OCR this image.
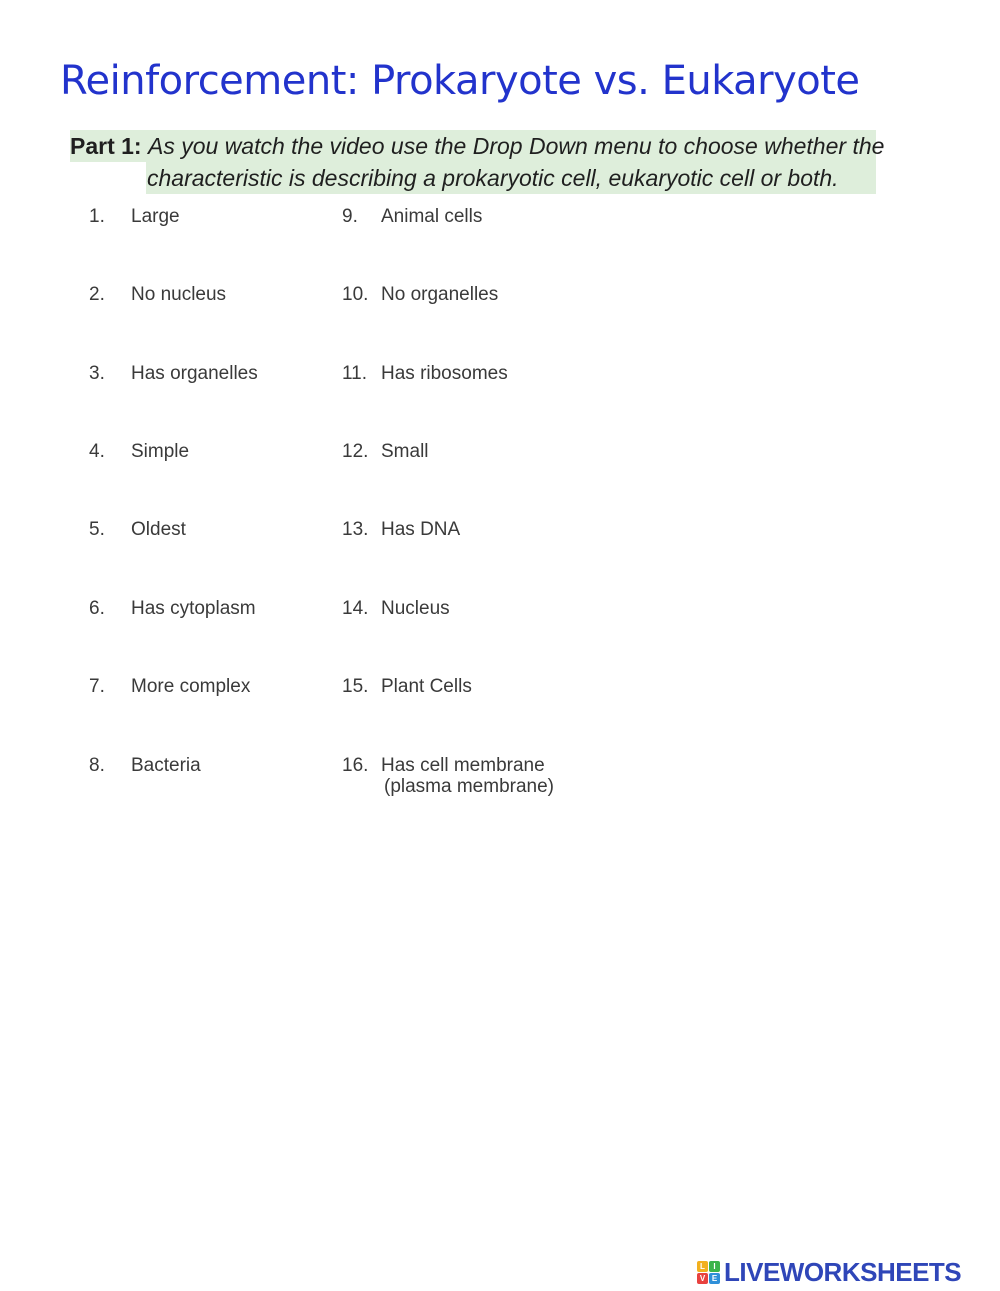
Reinforcement: Prokaryote vs. Eukaryote
Part 1: As you watch the video use the Drop Down menu to choose whether the
characteristic is describing a prokaryotic cell, eukaryotic cell or both.
1. Large
2. No nucleus
3. Has organelles
4. Simple
5. Oldest
6. Has cytoplasm
7. More complex
8. Bacteria
9. Animal cells
10. No organelles
11. Has ribosomes
12. Small
13. Has DNA
14. Nucleus
15. Plant Cells
16. Has cell membrane
(plasma membrane)
L	I
V E LIVEWORKSHEETS
